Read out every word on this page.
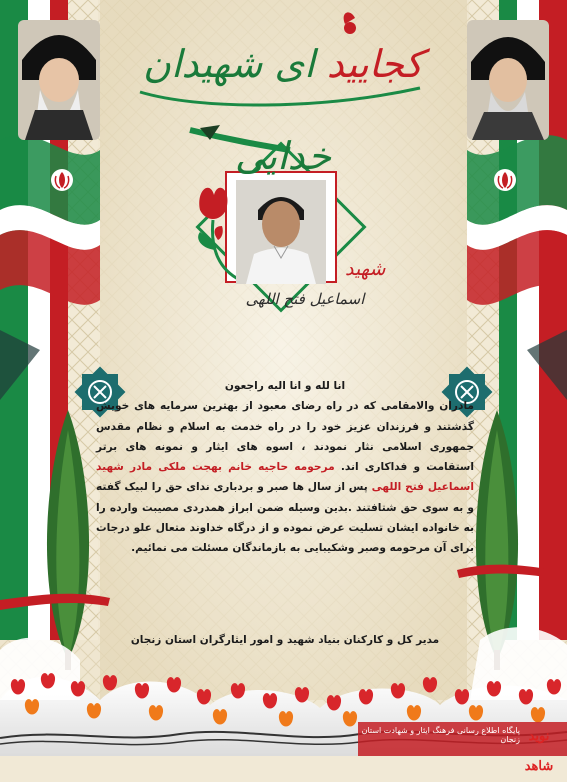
کجایید ای شهیدان خدایی
شهید
اسماعیل فتح اللهی

انا لله و انا الیه راجعون

مادران والامقامی که در راه رضای معبود از بهترین سرمایه های خویش گذشتند و فرزندان عزیز خود را در راه خدمت به اسلام و نظام مقدس جمهوری اسلامی نثار نمودند ، اسوه های ایثار و نمونه های برتر استقامت و فداکاری اند. مرحومه حاجیه خانم بهجت ملکی مادر شهید اسماعیل فتح اللهی پس از سال ها صبر و بردباری ندای حق را لبیک گفته و به سوی حق شتافتند .بدین وسیله ضمن ابراز همدردی مصیبت وارده را به خانواده ایشان تسلیت عرض نموده و از درگاه خداوند متعال علو درجات برای آن مرحومه وصبر وشکیبایی به بازماندگان مسئلت می نمائیم.

مدیر کل و کارکنان بنیاد شهید و امور ایثارگران استان زنجان
پایگاه اطلاع رسانی فرهنگ ایثار و شهادت استان زنجان نوید شاهد
